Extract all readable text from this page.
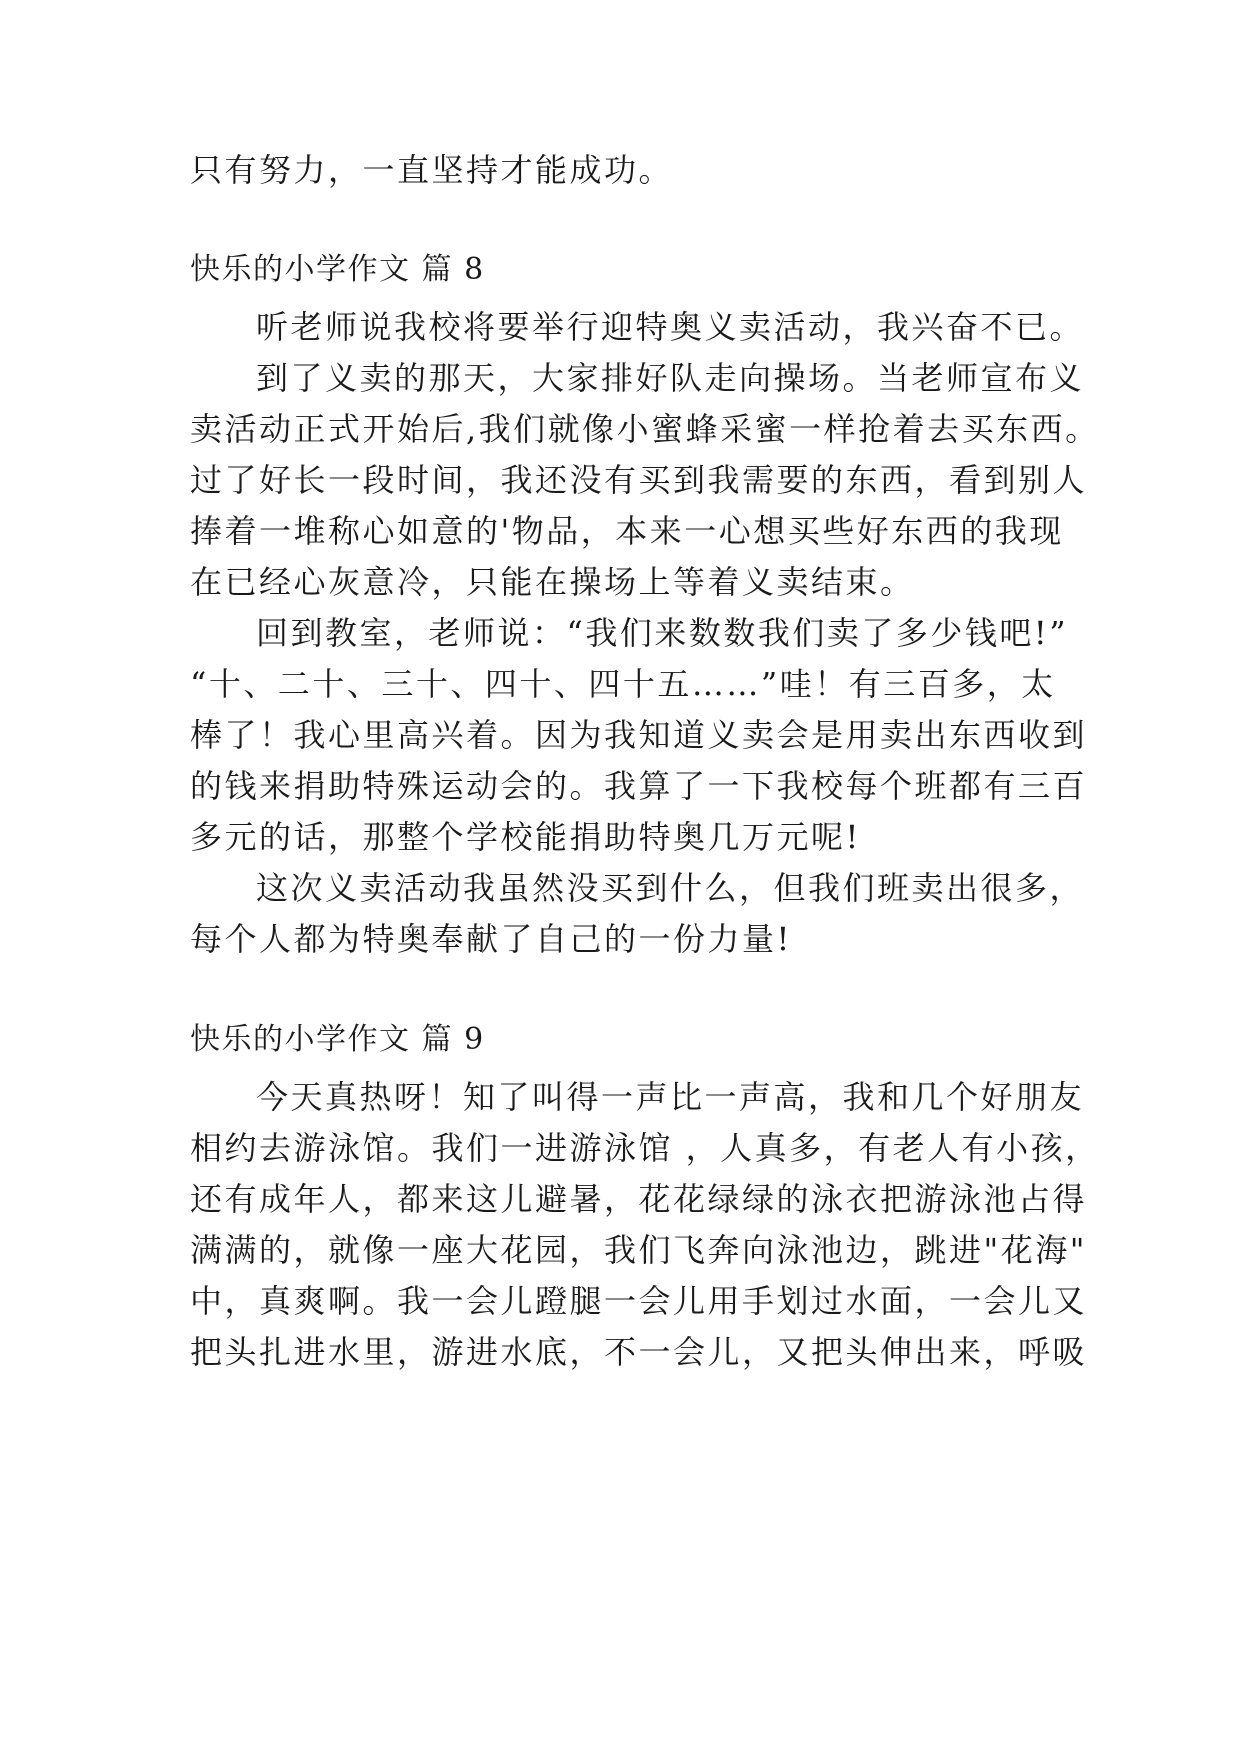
只有努力，一直坚持才能成功。
快乐的小学作文 篇 8
听老师说我校将要举行迎特奥义卖活动，我兴奋不已。
到了义卖的那天，大家排好队走向操场。当老师宣布义
卖活动正式开始后,我们就像小蜜蜂采蜜一样抢着去买东西。
过了好长一段时间，我还没有买到我需要的东西，看到别人
捧着一堆称心如意的'物品，本来一心想买些好东西的我现
在已经心灰意冷，只能在操场上等着义卖结束。
回到教室，老师说：“我们来数数我们卖了多少钱吧!”
“十、二十、三十、四十、四十五……”哇！有三百多，太
棒了！我心里高兴着。因为我知道义卖会是用卖出东西收到
的钱来捐助特殊运动会的。我算了一下我校每个班都有三百
多元的话，那整个学校能捐助特奥几万元呢!
这次义卖活动我虽然没买到什么，但我们班卖出很多，
每个人都为特奥奉献了自己的一份力量!
快乐的小学作文 篇 9
今天真热呀！知了叫得一声比一声高，我和几个好朋友
相约去游泳馆。我们一进游泳馆 ，人真多，有老人有小孩，
还有成年人，都来这儿避暑，花花绿绿的泳衣把游泳池占得
满满的，就像一座大花园，我们飞奔向泳池边，跳进"花海"
中，真爽啊。我一会儿蹬腿一会儿用手划过水面，一会儿又
把头扎进水里，游进水底，不一会儿，又把头伸出来，呼吸
